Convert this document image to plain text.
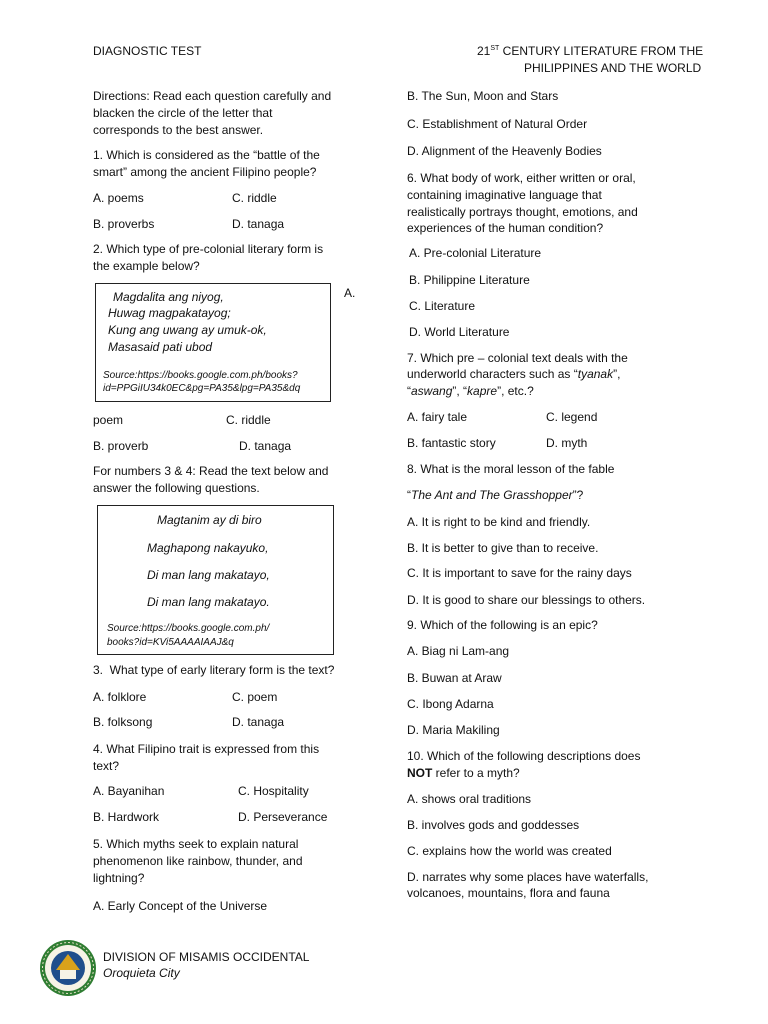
DIAGNOSTIC TEST	21ST CENTURY LITERATURE FROM THE
PHILIPPINES AND THE WORLD
Directions: Read each question carefully and
blacken the circle of the letter that
corresponds to the best answer.
1. Which is considered as the “battle of the
smart” among the ancient Filipino people?
A. poems	C. riddle
B. proverbs	D. tanaga
2. Which type of pre-colonial literary form is
the example below?
Magdalita ang niyog,
Huwag magpakatayog;
Kung ang uwang ay umuk-ok,
Masasaid pati ubod
Source:https://books.google.com.ph/books?
id=PPGiIU34k0EC&pg=PA35&lpg=PA35&dq
A.
poem	C. riddle
B. proverb	D. tanaga
For numbers 3 & 4: Read the text below and
answer the following questions.
Magtanim ay di biro
Maghapong nakayuko,
Di man lang makatayo,
Di man lang makatayo.
Source:https://books.google.com.ph/
books?id=KVi5AAAAIAAJ&q
3.  What type of early literary form is the text?
A. folklore	C. poem
B. folksong	D. tanaga
4. What Filipino trait is expressed from this
text?
A. Bayanihan	C. Hospitality
B. Hardwork	D. Perseverance
5. Which myths seek to explain natural
phenomenon like rainbow, thunder, and
lightning?
A. Early Concept of the Universe
B. The Sun, Moon and Stars
C. Establishment of Natural Order
D. Alignment of the Heavenly Bodies
6. What body of work, either written or oral,
containing imaginative language that
realistically portrays thought, emotions, and
experiences of the human condition?
A. Pre-colonial Literature
B. Philippine Literature
C. Literature
D. World Literature
7. Which pre – colonial text deals with the
underworld characters such as “tyanak”,
“aswang”, “kapre”, etc.?
A. fairy tale	C. legend
B. fantastic story	D. myth
8. What is the moral lesson of the fable
“The Ant and The Grasshopper”?
A. It is right to be kind and friendly.
B. It is better to give than to receive.
C. It is important to save for the rainy days
D. It is good to share our blessings to others.
9. Which of the following is an epic?
A. Biag ni Lam-ang
B. Buwan at Araw
C. Ibong Adarna
D. Maria Makiling
10. Which of the following descriptions does
NOT refer to a myth?
A. shows oral traditions
B. involves gods and goddesses
C. explains how the world was created
D. narrates why some places have waterfalls,
volcanoes, mountains, flora and fauna
DIVISION OF MISAMIS OCCIDENTAL
Oroquieta City
